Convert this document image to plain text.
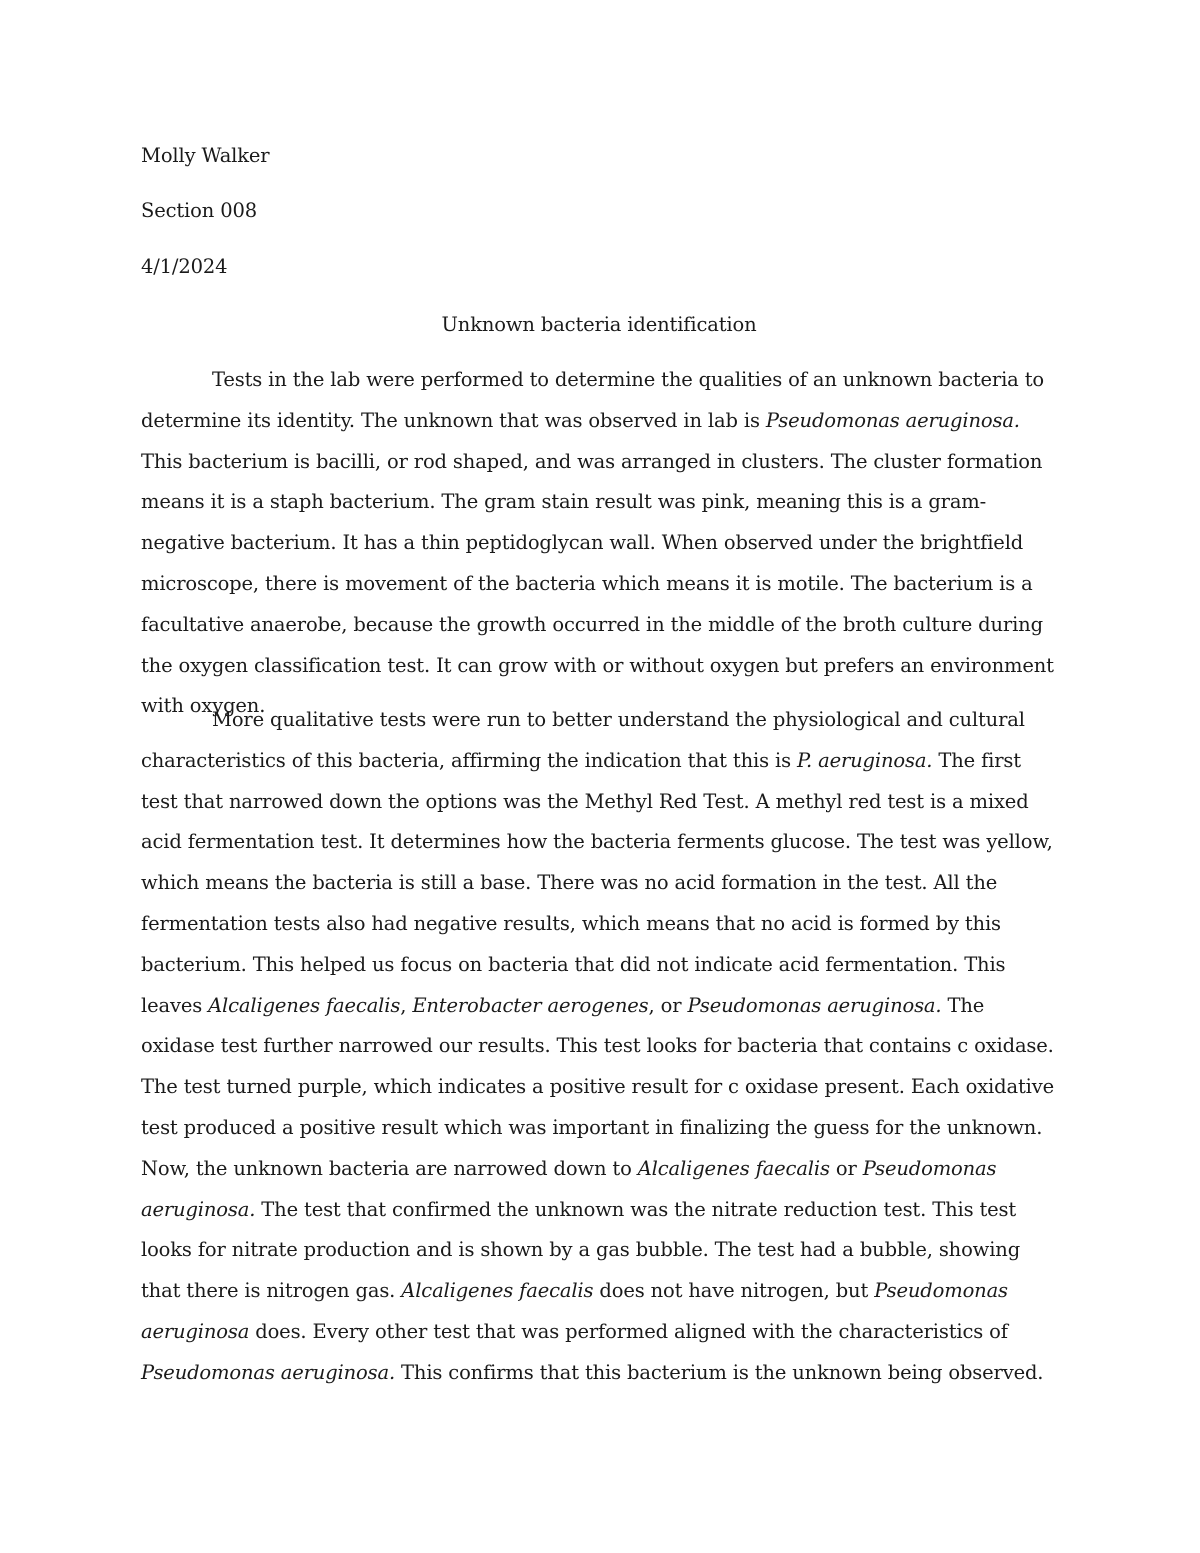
Molly Walker

Section 008

4/1/2024

Unknown bacteria identification

Tests in the lab were performed to determine the qualities of an unknown bacteria to determine its identity. The unknown that was observed in lab is Pseudomonas aeruginosa. This bacterium is bacilli, or rod shaped, and was arranged in clusters. The cluster formation means it is a staph bacterium. The gram stain result was pink, meaning this is a gram-negative bacterium. It has a thin peptidoglycan wall. When observed under the brightfield microscope, there is movement of the bacteria which means it is motile. The bacterium is a facultative anaerobe, because the growth occurred in the middle of the broth culture during the oxygen classification test. It can grow with or without oxygen but prefers an environment with oxygen.

More qualitative tests were run to better understand the physiological and cultural characteristics of this bacteria, affirming the indication that this is P. aeruginosa. The first test that narrowed down the options was the Methyl Red Test. A methyl red test is a mixed acid fermentation test. It determines how the bacteria ferments glucose. The test was yellow, which means the bacteria is still a base. There was no acid formation in the test. All the fermentation tests also had negative results, which means that no acid is formed by this bacterium. This helped us focus on bacteria that did not indicate acid fermentation. This leaves Alcaligenes faecalis, Enterobacter aerogenes, or Pseudomonas aeruginosa. The oxidase test further narrowed our results. This test looks for bacteria that contains c oxidase. The test turned purple, which indicates a positive result for c oxidase present. Each oxidative test produced a positive result which was important in finalizing the guess for the unknown. Now, the unknown bacteria are narrowed down to Alcaligenes faecalis or Pseudomonas aeruginosa. The test that confirmed the unknown was the nitrate reduction test. This test looks for nitrate production and is shown by a gas bubble. The test had a bubble, showing that there is nitrogen gas. Alcaligenes faecalis does not have nitrogen, but Pseudomonas aeruginosa does. Every other test that was performed aligned with the characteristics of Pseudomonas aeruginosa. This confirms that this bacterium is the unknown being observed.
